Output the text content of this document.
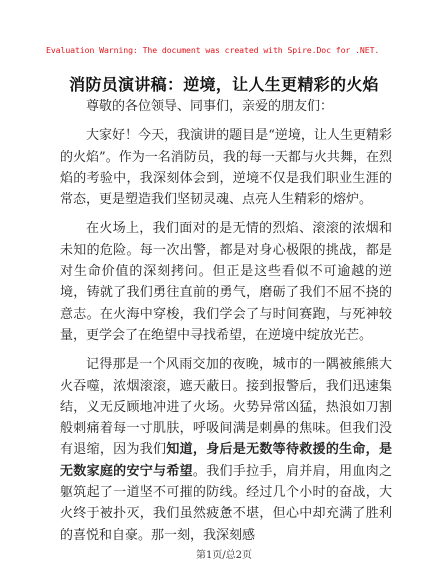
Evaluation Warning: The document was created with Spire.Doc for .NET.
消防员演讲稿：逆境，让人生更精彩的火焰

尊敬的各位领导、同事们，亲爱的朋友们：

大家好！今天，我演讲的题目是“逆境，让人生更精彩的火焰”。作为一名消防员，我的每一天都与火共舞，在烈焰的考验中，我深刻体会到，逆境不仅是我们职业生涯的常态，更是塑造我们坚韧灵魂、点亮人生精彩的熔炉。

在火场上，我们面对的是无情的烈焰、滚滚的浓烟和未知的危险。每一次出警，都是对身心极限的挑战，都是对生命价值的深刻拷问。但正是这些看似不可逾越的逆境，铸就了我们勇往直前的勇气，磨砺了我们不屈不挠的意志。在火海中穿梭，我们学会了与时间赛跑，与死神较量，更学会了在绝望中寻找希望，在逆境中绽放光芒。

记得那是一个风雨交加的夜晚，城市的一隅被熊熊大火吞噬，浓烟滚滚，遮天蔽日。接到报警后，我们迅速集结，义无反顾地冲进了火场。火势异常凶猛，热浪如刀割般刺痛着每一寸肌肤，呼吸间满是刺鼻的焦味。但我们没有退缩，因为我们知道，身后是无数等待救援的生命，是无数家庭的安宁与希望。我们手拉手，肩并肩，用血肉之躯筑起了一道坚不可摧的防线。经过几个小时的奋战，大火终于被扑灭，我们虽然疲惫不堪，但心中却充满了胜利的喜悦和自豪。那一刻，我深刻感

第1页/总2页
